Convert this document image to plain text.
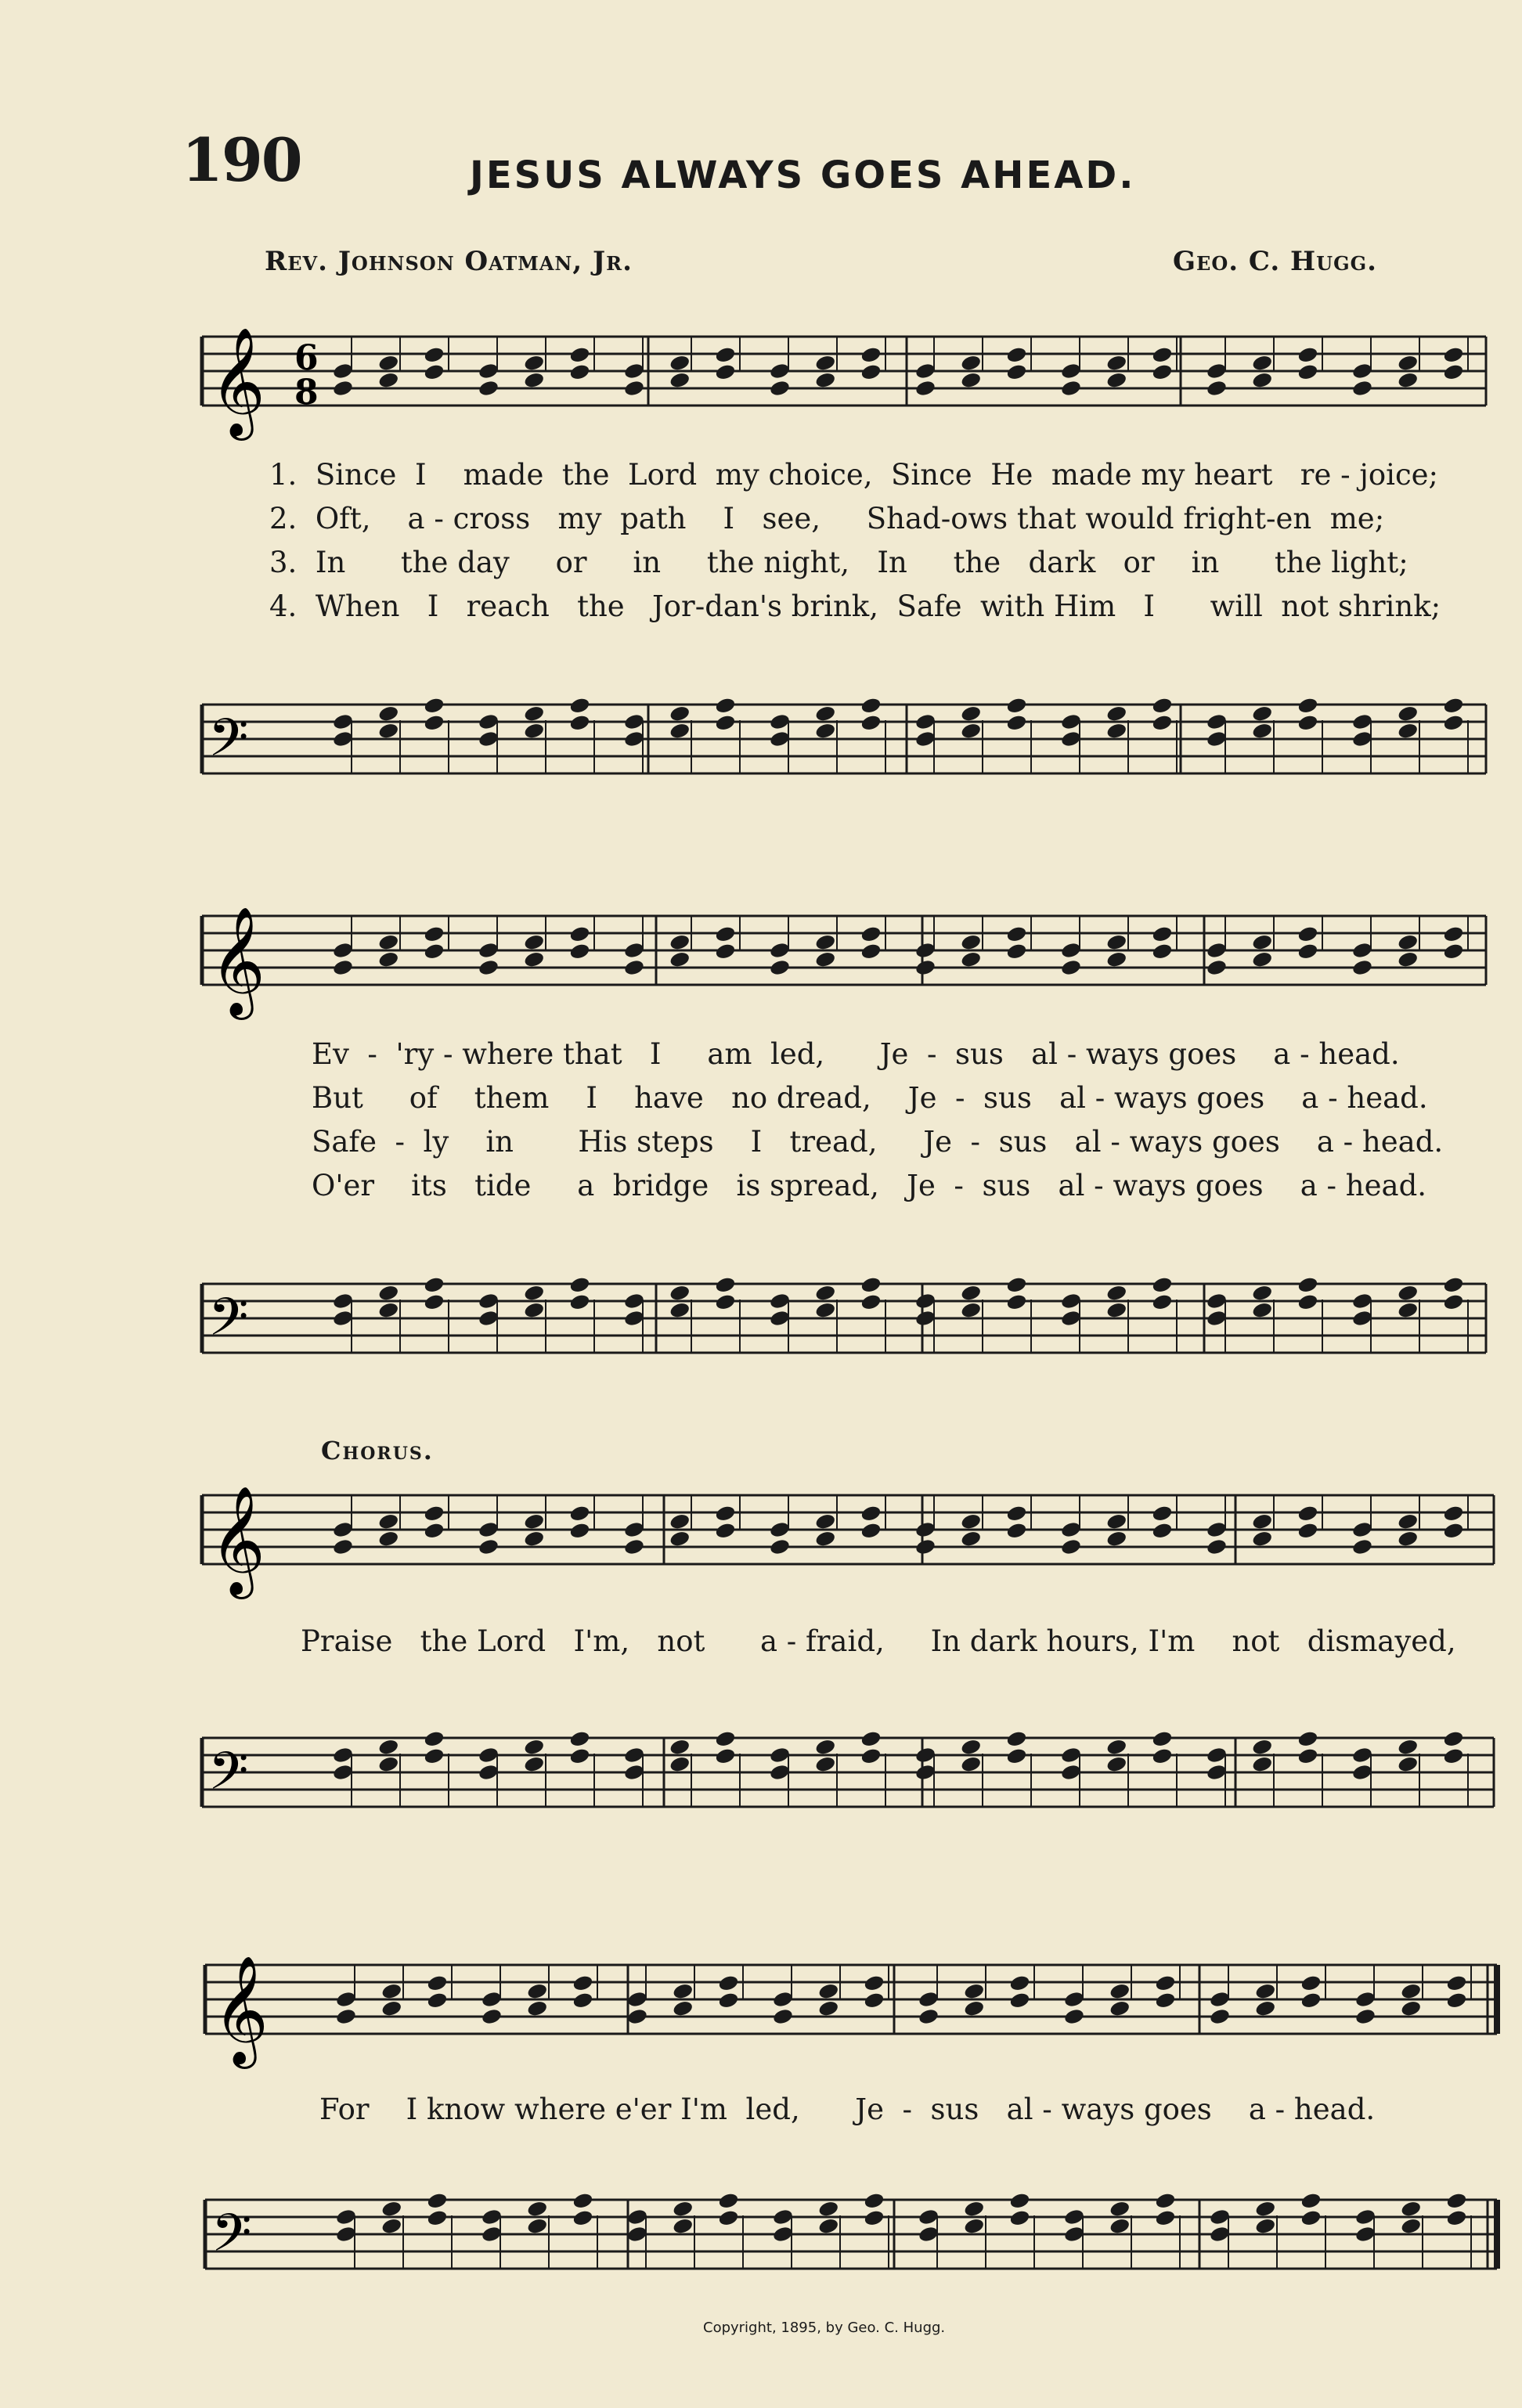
190	JESUS ALWAYS GOES AHEAD.
Rev. Johnson Oatman, Jr.	Geo. C. Hugg.
𝄞 6
8
1.  Since  I    made  the  Lord  my choice,  Since  He  made my heart   re - joice;
2.  Oft,    a - cross   my  path    I   see,     Shad-ows that would fright-en  me;
3.  In      the day     or     in     the night,   In     the   dark   or    in      the light;
4.  When   I   reach   the   Jor-dan's brink,  Safe  with Him   I      will  not shrink;
𝄢
𝄞
Ev  -  'ry - where that   I     am  led,      Je  -  sus   al - ways goes    a - head.
But     of    them    I    have   no dread,    Je  -  sus   al - ways goes    a - head.
Safe  -  ly    in       His steps    I   tread,     Je  -  sus   al - ways goes    a - head.
O'er    its   tide     a  bridge   is spread,   Je  -  sus   al - ways goes    a - head.
𝄢
Chorus.
𝄞
Praise   the Lord   I'm,   not      a - fraid,     In dark hours, I'm    not   dismayed,
𝄢
𝄞
For    I know where e'er I'm  led,      Je  -  sus   al - ways goes    a - head.
𝄢
Copyright, 1895, by Geo. C. Hugg.
